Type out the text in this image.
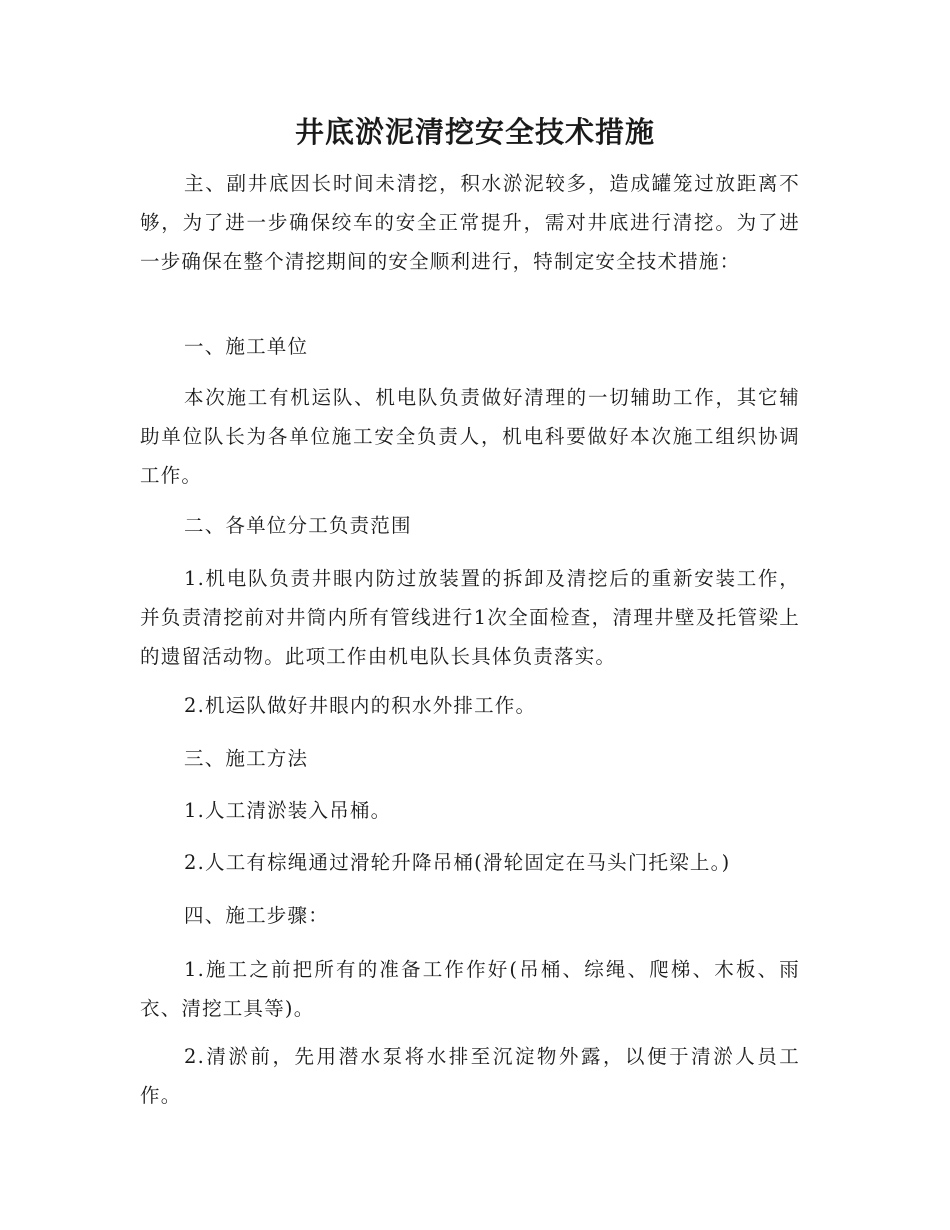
井底淤泥清挖安全技术措施

主、副井底因长时间未清挖，积水淤泥较多，造成罐笼过放距离不够，为了进一步确保绞车的安全正常提升，需对井底进行清挖。为了进一步确保在整个清挖期间的安全顺利进行，特制定安全技术措施：

一、施工单位

本次施工有机运队、机电队负责做好清理的一切辅助工作，其它辅助单位队长为各单位施工安全负责人，机电科要做好本次施工组织协调工作。

二、各单位分工负责范围

1.机电队负责井眼内防过放装置的拆卸及清挖后的重新安装工作，并负责清挖前对井筒内所有管线进行1次全面检查，清理井壁及托管梁上的遗留活动物。此项工作由机电队长具体负责落实。

2.机运队做好井眼内的积水外排工作。

三、施工方法

1.人工清淤装入吊桶。

2.人工有棕绳通过滑轮升降吊桶(滑轮固定在马头门托梁上。)

四、施工步骤：

1.施工之前把所有的准备工作作好(吊桶、综绳、爬梯、木板、雨衣、清挖工具等)。

2.清淤前，先用潜水泵将水排至沉淀物外露，以便于清淤人员工作。
